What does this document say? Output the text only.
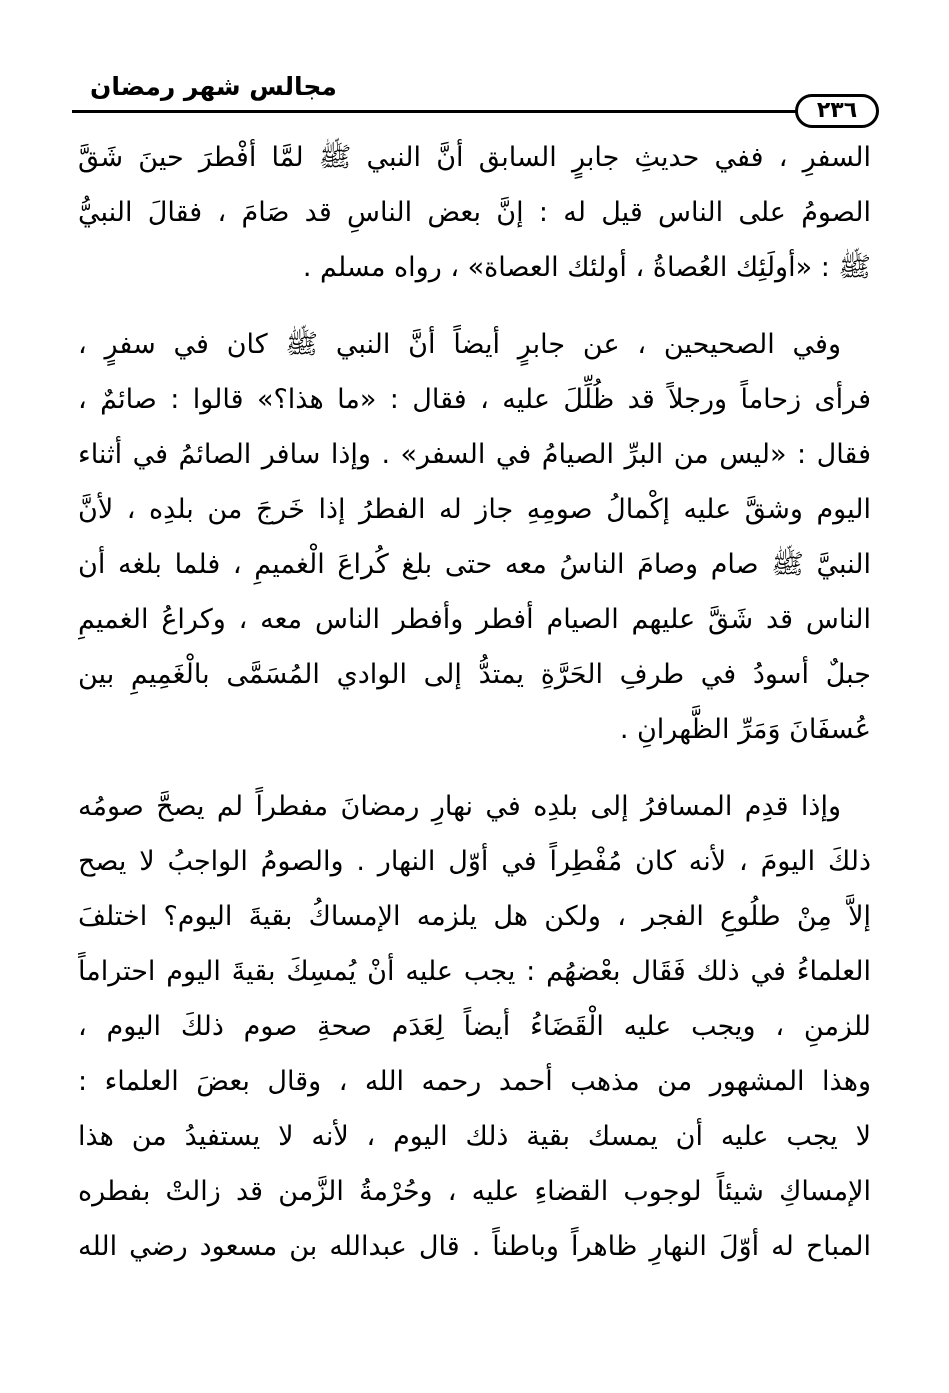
مجالس شهر رمضان
٢٣٦
السفرِ ، ففي حديثِ جابرٍ السابق أنَّ النبي ﷺ لمَّا أفْطرَ حينَ شَقَّ
الصومُ على الناس قيل له : إنَّ بعض الناسِ قد صَامَ ، فقالَ النبيُّ
ﷺ : «أولَئِك العُصاةُ ، أولئك العصاة» ، رواه مسلم .
وفي الصحيحين ، عن جابرٍ أيضاً أنَّ النبي ﷺ كان في سفرٍ ،
فرأى زحاماً ورجلاً قد ظُلِّلَ عليه ، فقال : «ما هذا؟» قالوا : صائمٌ ،
فقال : «ليس من البرِّ الصيامُ في السفر» . وإذا سافر الصائمُ في أثناء
اليوم وشقَّ عليه إكْمالُ صومِهِ جاز له الفطرُ إذا خَرجَ من بلدِه ، لأنَّ
النبيَّ ﷺ صام وصامَ الناسُ معه حتى بلغ كُراعَ الْغميمِ ، فلما بلغه أن
الناس قد شَقَّ عليهم الصيام أفطر وأفطر الناس معه ، وكراعُ الغميمِ
جبلٌ أسودُ في طرفِ الحَرَّةِ يمتدُّ إلى الوادي المُسَمَّى بالْغَمِيمِ بين
عُسفَانَ وَمَرِّ الظَّهرانِ .
وإذا قدِم المسافرُ إلى بلدِه في نهارِ رمضانَ مفطراً لم يصحَّ صومُه
ذلكَ اليومَ ، لأنه كان مُفْطِراً في أوّل النهار . والصومُ الواجبُ لا يصح
إلاَّ مِنْ طلُوعِ الفجر ، ولكن هل يلزمه الإمساكُ بقيةَ اليوم؟ اختلفَ
العلماءُ في ذلك فَقَال بعْضهُم : يجب عليه أنْ يُمسِكَ بقيةَ اليوم احتراماً
للزمنِ ، ويجب عليه الْقَضَاءُ أيضاً لِعَدَم صحةِ صوم ذلكَ اليوم ،
وهذا المشهور من مذهب أحمد رحمه الله ، وقال بعضَ العلماء :
لا يجب عليه أن يمسك بقية ذلك اليوم ، لأنه لا يستفيدُ من هذا
الإمساكِ شيئاً لوجوب القضاءِ عليه ، وحُرْمةُ الزَّمن قد زالتْ بفطره
المباح له أوّلَ النهارِ ظاهراً وباطناً . قال عبدالله بن مسعود رضي الله
